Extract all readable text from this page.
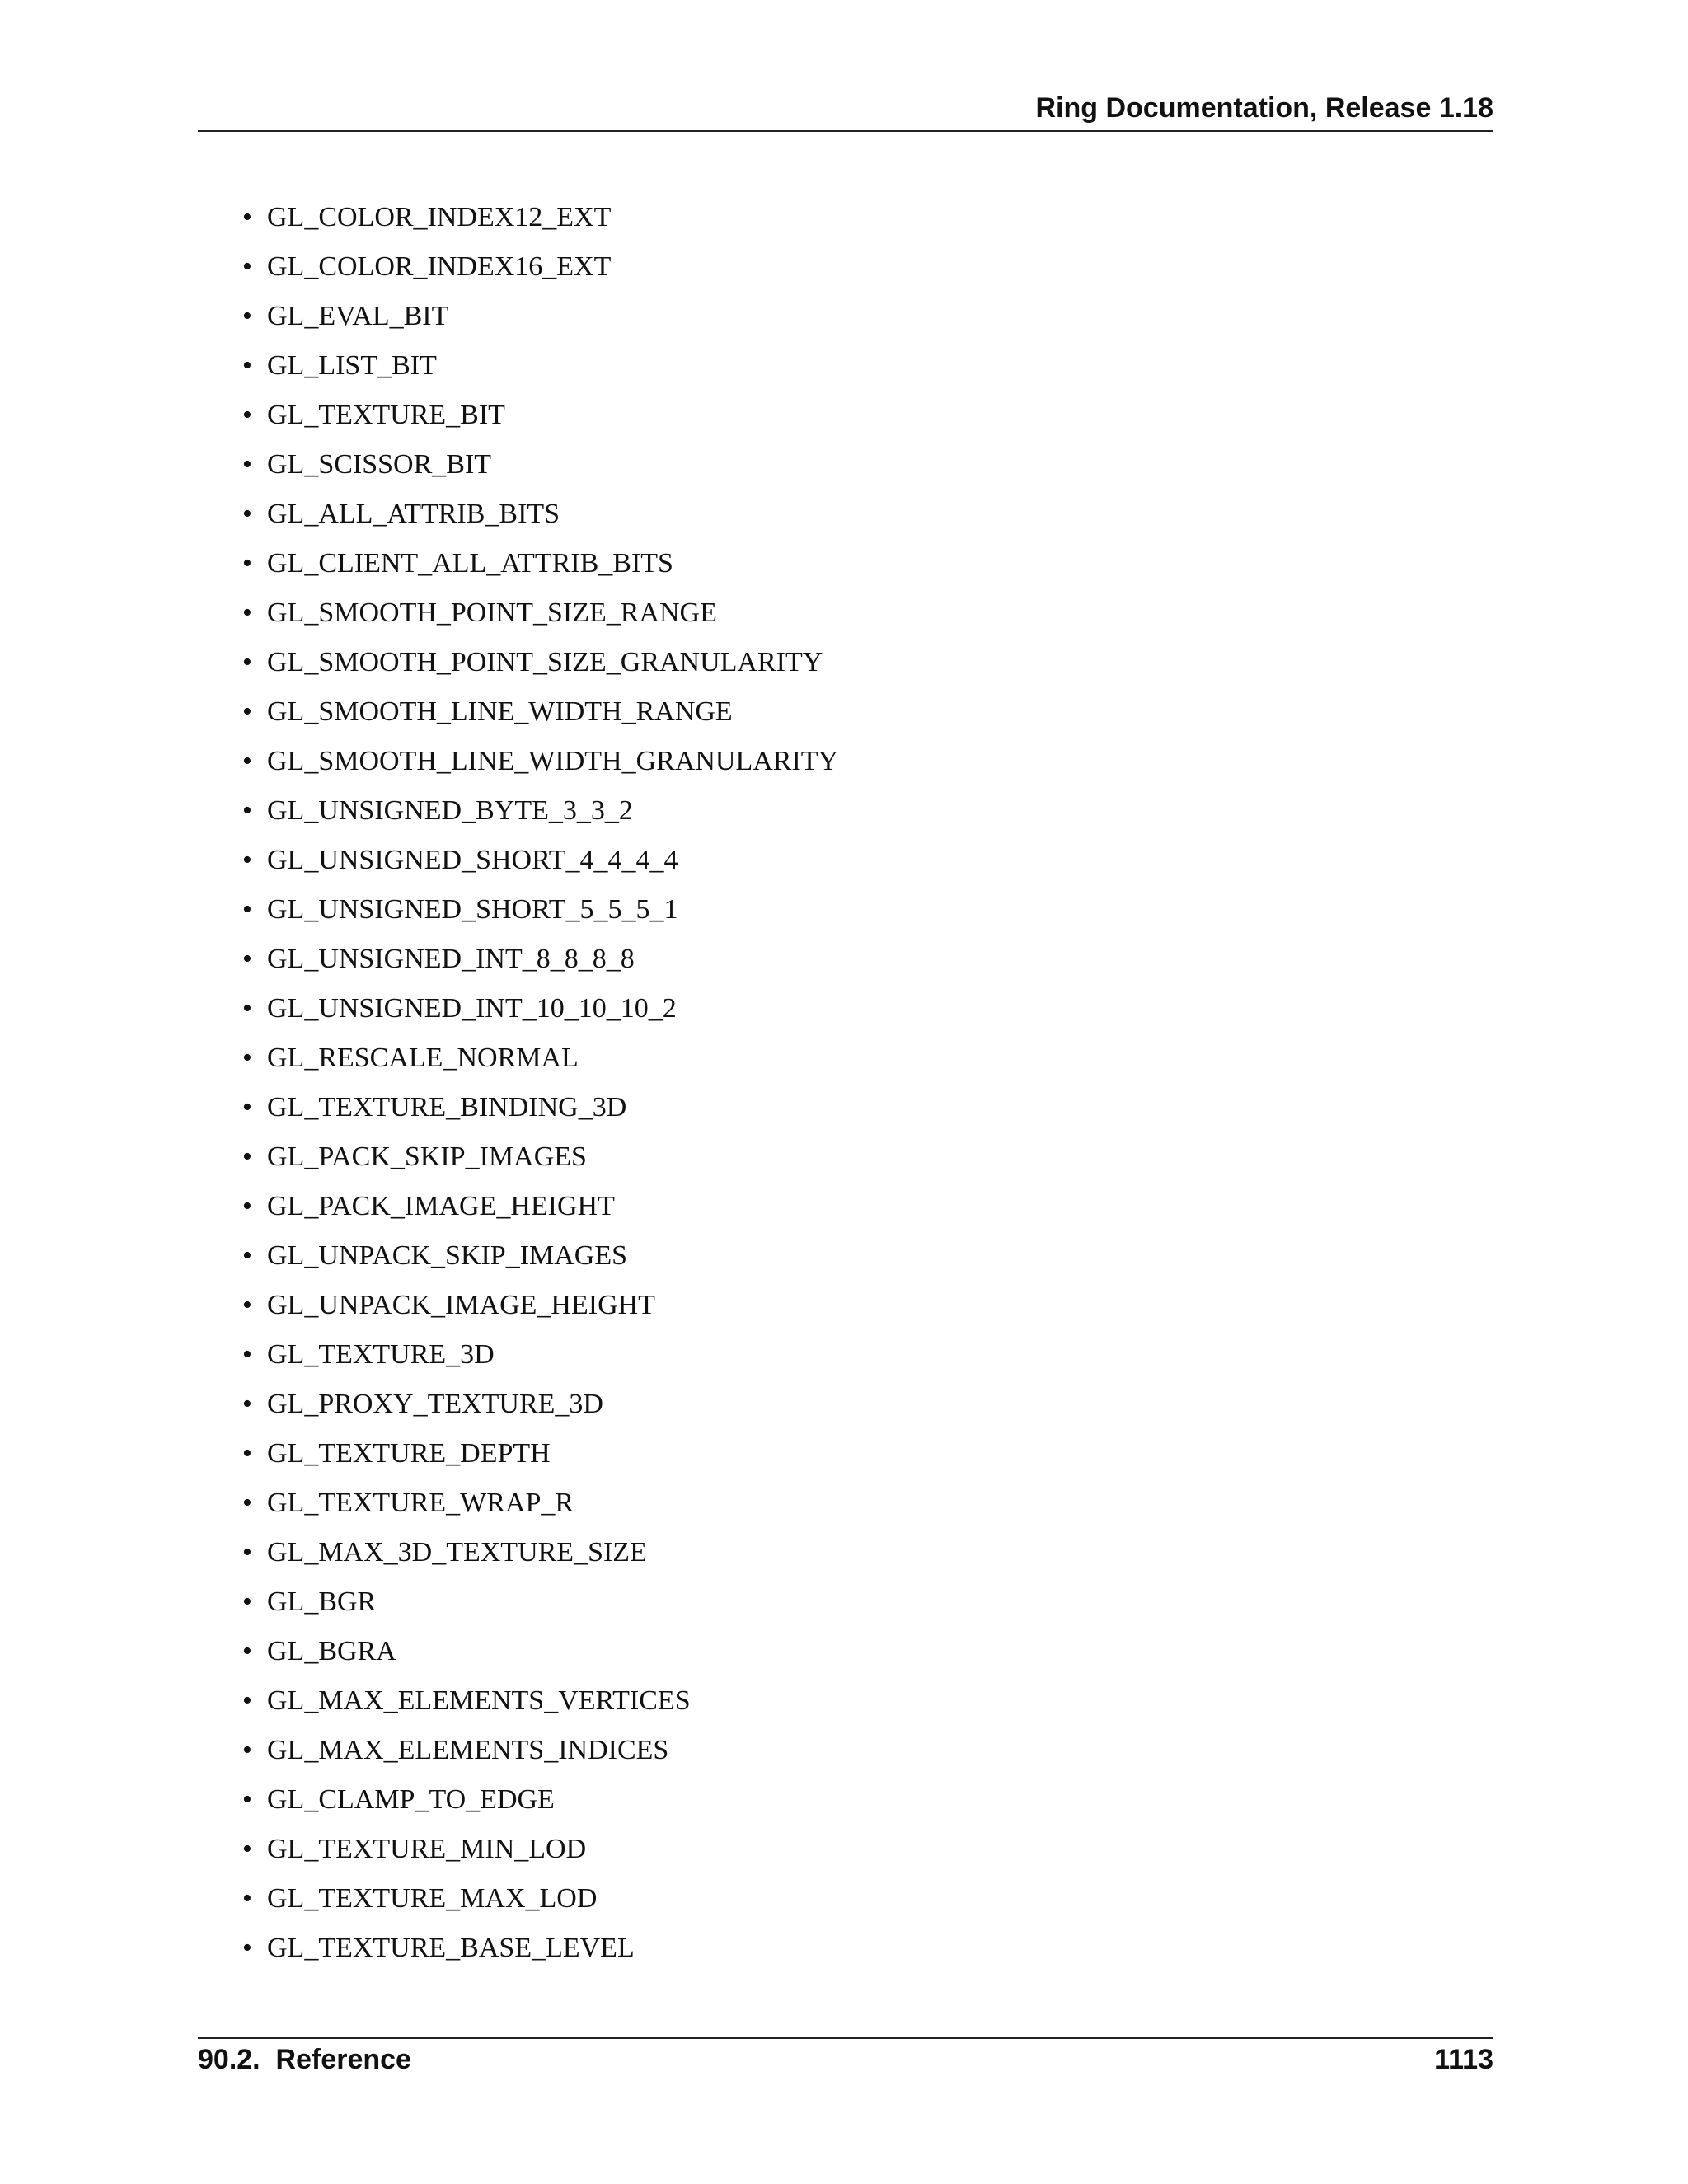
Ring Documentation, Release 1.18
• GL_COLOR_INDEX12_EXT
• GL_COLOR_INDEX16_EXT
• GL_EVAL_BIT
• GL_LIST_BIT
• GL_TEXTURE_BIT
• GL_SCISSOR_BIT
• GL_ALL_ATTRIB_BITS
• GL_CLIENT_ALL_ATTRIB_BITS
• GL_SMOOTH_POINT_SIZE_RANGE
• GL_SMOOTH_POINT_SIZE_GRANULARITY
• GL_SMOOTH_LINE_WIDTH_RANGE
• GL_SMOOTH_LINE_WIDTH_GRANULARITY
• GL_UNSIGNED_BYTE_3_3_2
• GL_UNSIGNED_SHORT_4_4_4_4
• GL_UNSIGNED_SHORT_5_5_5_1
• GL_UNSIGNED_INT_8_8_8_8
• GL_UNSIGNED_INT_10_10_10_2
• GL_RESCALE_NORMAL
• GL_TEXTURE_BINDING_3D
• GL_PACK_SKIP_IMAGES
• GL_PACK_IMAGE_HEIGHT
• GL_UNPACK_SKIP_IMAGES
• GL_UNPACK_IMAGE_HEIGHT
• GL_TEXTURE_3D
• GL_PROXY_TEXTURE_3D
• GL_TEXTURE_DEPTH
• GL_TEXTURE_WRAP_R
• GL_MAX_3D_TEXTURE_SIZE
• GL_BGR
• GL_BGRA
• GL_MAX_ELEMENTS_VERTICES
• GL_MAX_ELEMENTS_INDICES
• GL_CLAMP_TO_EDGE
• GL_TEXTURE_MIN_LOD
• GL_TEXTURE_MAX_LOD
• GL_TEXTURE_BASE_LEVEL
90.2.  Reference	1113
